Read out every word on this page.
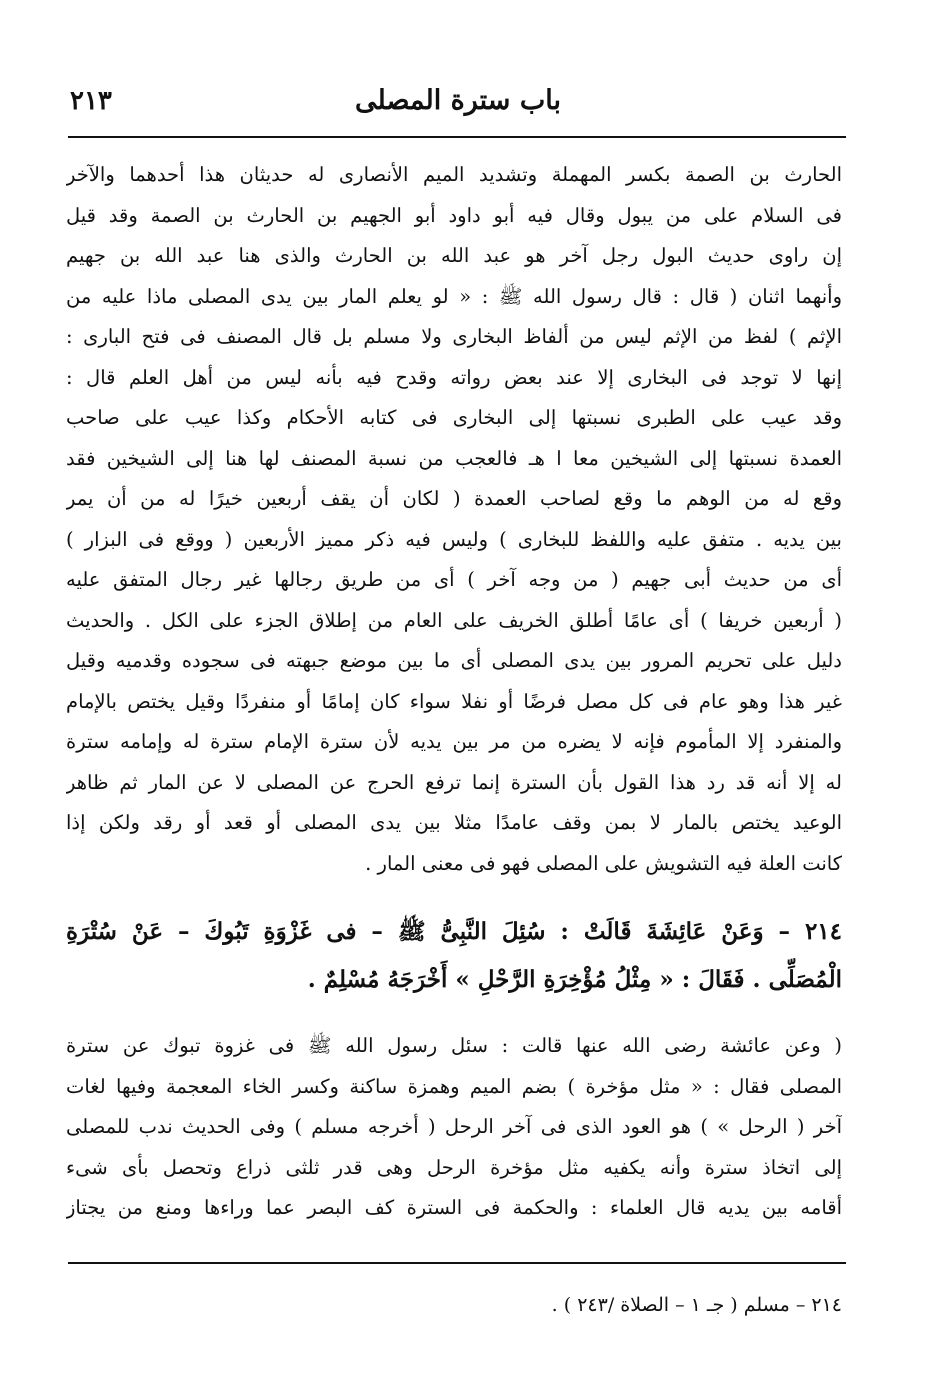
باب سترة المصلى
٢١٣
الحارث بن الصمة بكسر المهملة وتشديد الميم الأنصارى له حديثان هذا أحدهما والآخر
فى السلام على من يبول وقال فيه أبو داود أبو الجهيم بن الحارث بن الصمة وقد قيل
إن راوى حديث البول رجل آخر هو عبد الله بن الحارث والذى هنا عبد الله بن جهيم
وأنهما اثنان ( قال : قال رسول الله ﷺ : « لو يعلم المار بين يدى المصلى ماذا عليه من
الإثم ) لفظ من الإثم ليس من ألفاظ البخارى ولا مسلم بل قال المصنف فى فتح البارى :
إنها لا توجد فى البخارى إلا عند بعض رواته وقدح فيه بأنه ليس من أهل العلم قال :
وقد عيب على الطبرى نسبتها إلى البخارى فى كتابه الأحكام وكذا عيب على صاحب
العمدة نسبتها إلى الشيخين معا ا هـ فالعجب من نسبة المصنف لها هنا إلى الشيخين فقد
وقع له من الوهم ما وقع لصاحب العمدة ( لكان أن يقف أربعين خيرًا له من أن يمر
بين يديه . متفق عليه واللفظ للبخارى ) وليس فيه ذكر مميز الأربعين ( ووقع فى البزار )
أى من حديث أبى جهيم ( من وجه آخر ) أى من طريق رجالها غير رجال المتفق عليه
( أربعين خريفا ) أى عامًا أطلق الخريف على العام من إطلاق الجزء على الكل . والحديث
دليل على تحريم المرور بين يدى المصلى أى ما بين موضع جبهته فى سجوده وقدميه وقيل
غير هذا وهو عام فى كل مصل فرضًا أو نفلا سواء كان إمامًا أو منفردًا وقيل يختص بالإمام
والمنفرد إلا المأموم فإنه لا يضره من مر بين يديه لأن سترة الإمام سترة له وإمامه سترة
له إلا أنه قد رد هذا القول بأن السترة إنما ترفع الحرج عن المصلى لا عن المار ثم ظاهر
الوعيد يختص بالمار لا بمن وقف عامدًا مثلا بين يدى المصلى أو قعد أو رقد ولكن إذا
كانت العلة فيه التشويش على المصلى فهو فى معنى المار .
٢١٤ – وَعَنْ عَائِشَةَ قَالَتْ : سُئِلَ النَّبِىُّ ﷺ – فى غَزْوَةِ تَبُوكَ – عَنْ سُتْرَةِ
الْمُصَلِّى . فَقَالَ : « مِثْلُ مُؤْخِرَةِ الرَّحْلِ » أَخْرَجَهُ مُسْلِمٌ .
( وعن عائشة رضى الله عنها قالت : سئل رسول الله ﷺ فى غزوة تبوك عن سترة
المصلى فقال : « مثل مؤخرة ) بضم الميم وهمزة ساكنة وكسر الخاء المعجمة وفيها لغات
آخر ( الرحل » ) هو العود الذى فى آخر الرحل ( أخرجه مسلم ) وفى الحديث ندب للمصلى
إلى اتخاذ سترة وأنه يكفيه مثل مؤخرة الرحل وهى قدر ثلثى ذراع وتحصل بأى شىء
أقامه بين يديه قال العلماء : والحكمة فى السترة كف البصر عما وراءها ومنع من يجتاز
٢١٤ – مسلم ( جـ ١ – الصلاة /٢٤٣ ) .
